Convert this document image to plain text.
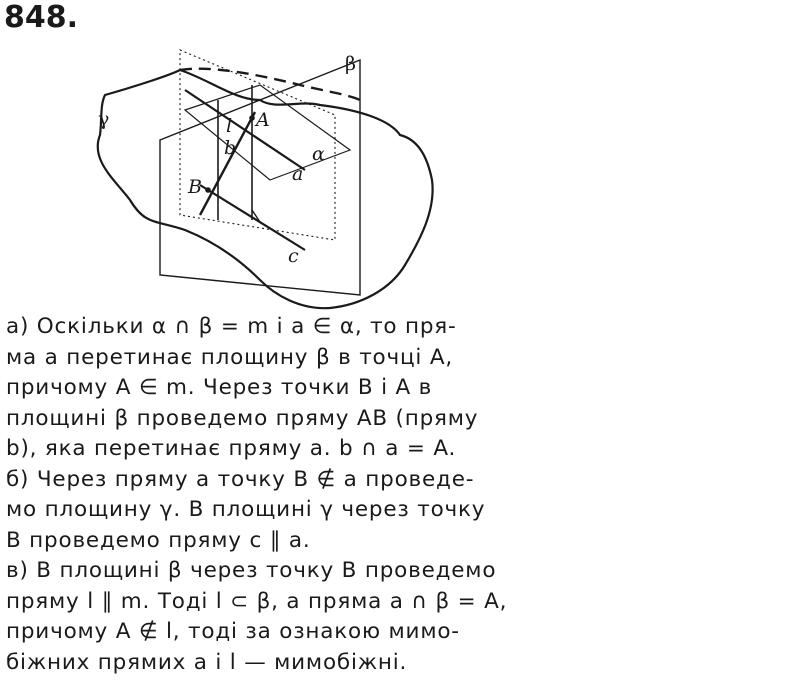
848.
β
γ
α
a
c
l
b
A
B
а) Оскільки α ∩ β = m і a ∈ α, то пря-
ма a перетинає площину β в точці A,
причому A ∈ m. Через точки B і A в
площині β проведемо пряму AB (пряму
b), яка перетинає пряму a. b ∩ a = A.
б) Через пряму a точку B ∉ a проведе-
мо площину γ. В площині γ через точку
B проведемо пряму c ∥ a.
в) В площині β через точку B проведемо
пряму l ∥ m. Тоді l ⊂ β, а пряма a ∩ β = A,
причому A ∉ l, тоді за ознакою мимо-
біжних прямих a і l — мимобіжні.
